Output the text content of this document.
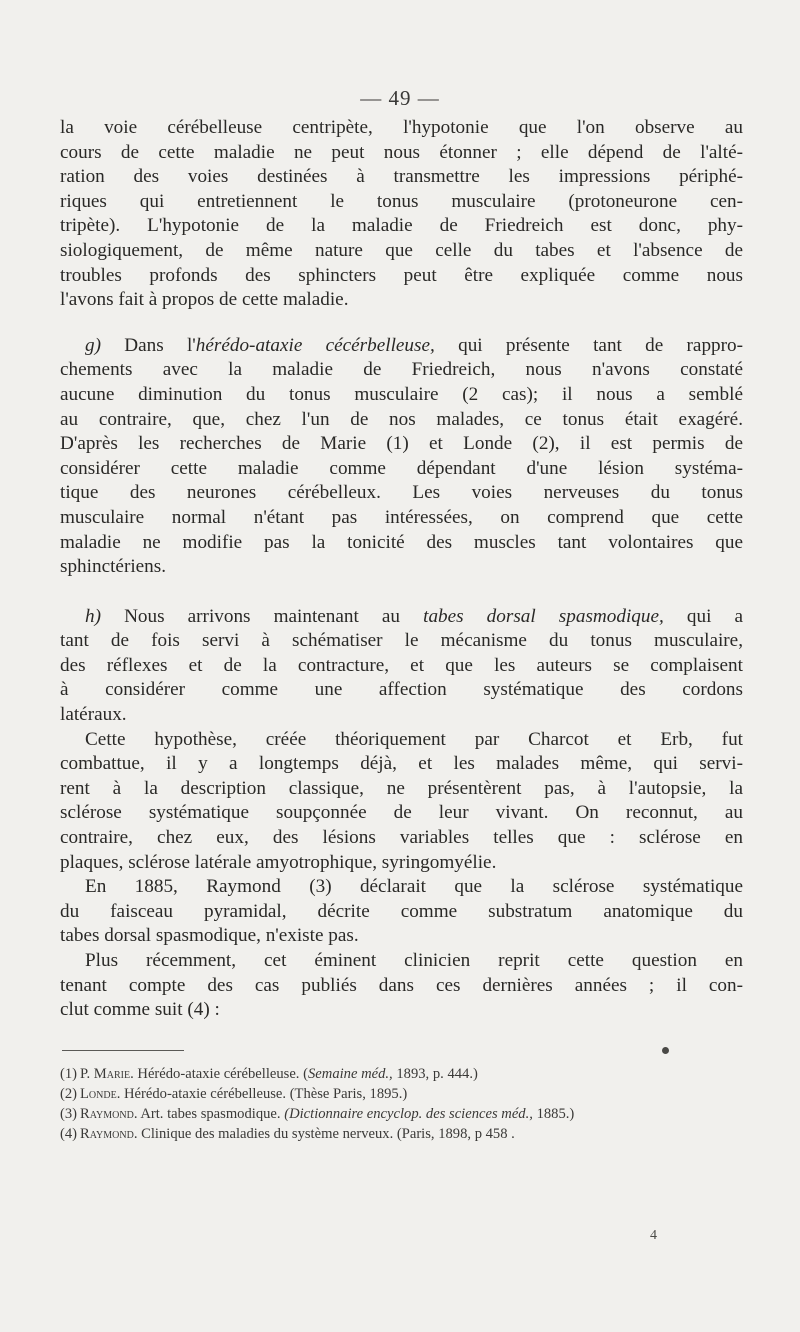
— 49 —

la voie cérébelleuse centripète, l'hypotonie que l'on observe au

cours de cette maladie ne peut nous étonner ; elle dépend de l'alté-

ration des voies destinées à transmettre les impressions périphé-

riques qui entretiennent le tonus musculaire (protoneurone cen-

tripète). L'hypotonie de la maladie de Friedreich est donc, phy-

siologiquement, de même nature que celle du tabes et l'absence de

troubles profonds des sphincters peut être expliquée comme nous

l'avons fait à propos de cette maladie.

g) Dans l'hérédo-ataxie cécérbelleuse, qui présente tant de rappro-

chements avec la maladie de Friedreich, nous n'avons constaté

aucune diminution du tonus musculaire (2 cas); il nous a semblé

au contraire, que, chez l'un de nos malades, ce tonus était exagéré.

D'après les recherches de Marie (1) et Londe (2), il est permis de

considérer cette maladie comme dépendant d'une lésion systéma-

tique des neurones cérébelleux. Les voies nerveuses du tonus

musculaire normal n'étant pas intéressées, on comprend que cette

maladie ne modifie pas la tonicité des muscles tant volontaires que

sphinctériens.

h) Nous arrivons maintenant au tabes dorsal spasmodique, qui a

tant de fois servi à schématiser le mécanisme du tonus musculaire,

des réflexes et de la contracture, et que les auteurs se complaisent

à considérer comme une affection systématique des cordons

latéraux.

Cette hypothèse, créée théoriquement par Charcot et Erb, fut

combattue, il y a longtemps déjà, et les malades même, qui servi-

rent à la description classique, ne présentèrent pas, à l'autopsie, la

sclérose systématique soupçonnée de leur vivant. On reconnut, au

contraire, chez eux, des lésions variables telles que : sclérose en

plaques, sclérose latérale amyotrophique, syringomyélie.

En 1885, Raymond (3) déclarait que la sclérose systématique

du faisceau pyramidal, décrite comme substratum anatomique du

tabes dorsal spasmodique, n'existe pas.

Plus récemment, cet éminent clinicien reprit cette question en

tenant compte des cas publiés dans ces dernières années ; il con-

clut comme suit (4) :

(1) P. Marie. Hérédo-ataxie cérébelleuse. (Semaine méd., 1893, p. 444.)

(2) Londe. Hérédo-ataxie cérébelleuse. (Thèse Paris, 1895.)

(3) Raymond. Art. tabes spasmodique. (Dictionnaire encyclop. des sciences méd., 1885.)

(4) Raymond. Clinique des maladies du système nerveux. (Paris, 1898, p 458 .

4
